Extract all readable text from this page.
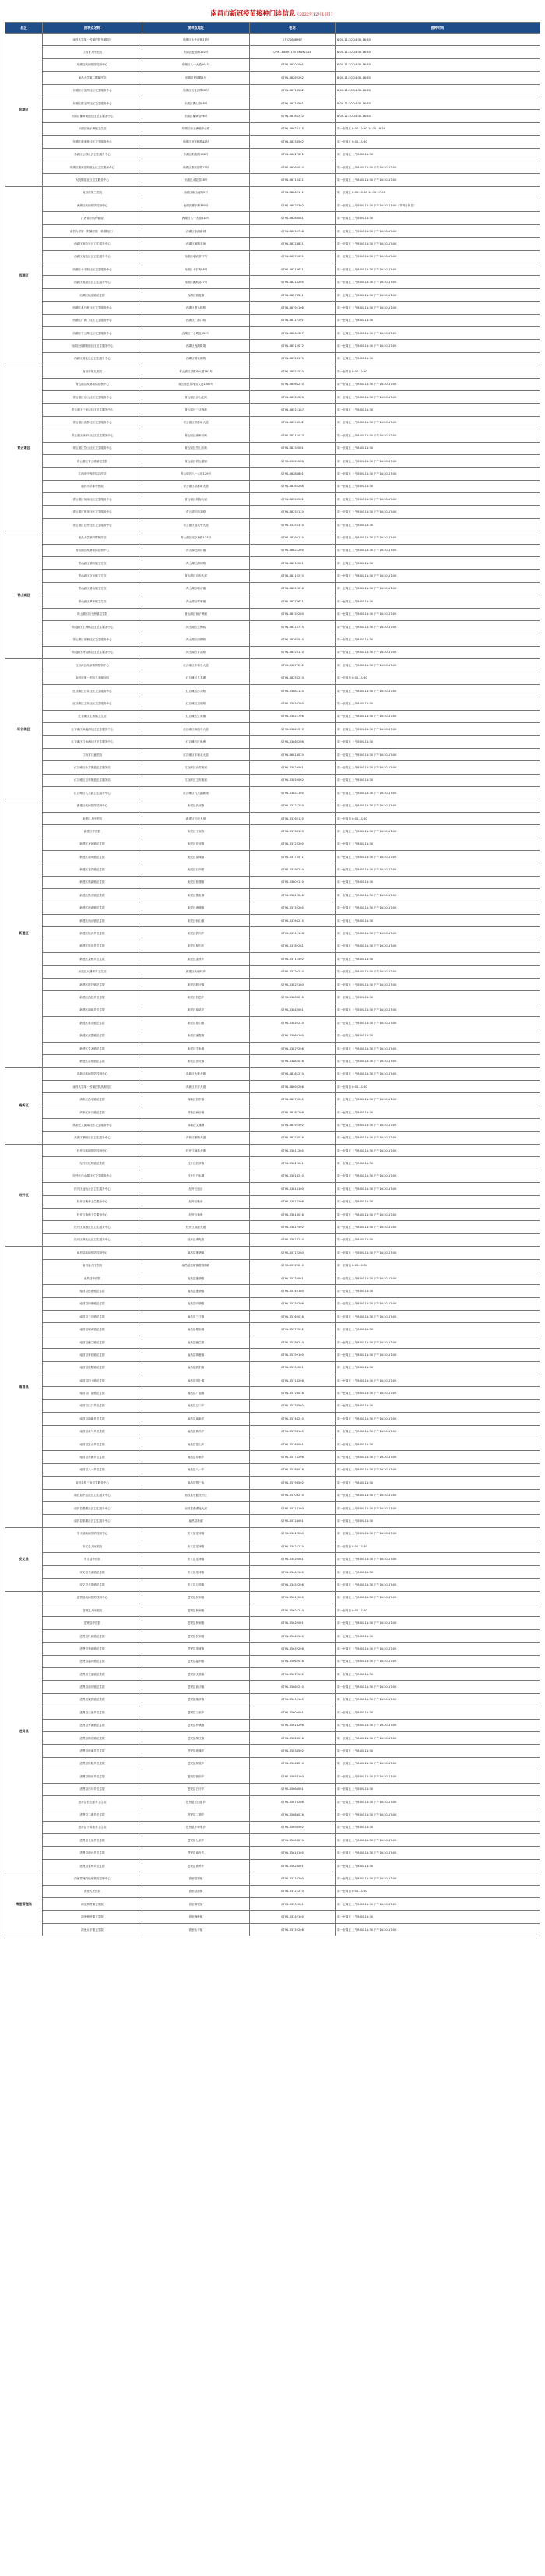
南昌市新冠疫苗接种门诊信息（2022年12月16日）
县区	接种点名称	接种点地址	电话	接种时间
东湖区	南昌大学第一附属医院东湖院区	东湖区永外正街17号	17370868967	8:00-11:30 14:30-16:30
	江西省人民医院	东湖区爱国路152号	0791-86897135 86892115	8:00-11:30 14:30-16:30
	东湖区疾病预防控制中心	东湖区八一大道201号	0791-86201001	8:00-11:30 14:30-16:30
	南昌大学第二附属医院	东湖区民德路1号	0791-86262262	8:00-11:30 14:30-16:30
	东湖区百花洲社区卫生服务中心	东湖区百花洲路28号	0791-86713582	8:00-11:30 14:30-16:30
	东湖区滕王阁社区卫生服务中心	东湖区叠山路88号	0791-86712561	8:00-11:30 14:30-16:30
	东湖区豫章街道社区卫生服务中心	东湖区豫章路96号	0791-86780232	8:00-11:30 14:30-16:30
	东湖区扬子洲镇卫生院	东湖区扬子洲镇中心路	0791-86622115	周一至周五 8:00-11:30 14:30-16:30
	东湖区彭家桥社区卫生服务中心	东湖区彭家桥路42号	0791-88253562	周一至周五 8:00-11:30
	东湖区公园社区卫生服务中心	东湖区阳明路136号	0791-86827622	周一至周五 上午8:00-11:30
	东湖区董家窑街道社区卫生服务中心	东湖区董家窑路12号	0791-86262010	周一至周五 上午8:00-11:30 下午14:30-17:00
	大院街道社区卫生服务中心	东湖区大院路58号	0791-86715421	周一至周五 上午8:00-11:30 下午14:30-17:00
西湖区	南昌市第三医院	西湖区象山南路2号	0791-88862111	周一至周五 8:00-11:30 14:30-17:00
	西湖区疾病预防控制中心	西湖区孺子路380号	0791-86520302	周一至周五 上午8:00-11:30 下午14:30-17:00（节假日休息）
	江西省妇幼保健院	西湖区八一大道318号	0791-86266081	周一至周五 上午8:00-11:30
	南昌大学第一附属医院（象湖院区）	西湖区象湖新城	0791-88692748	周一至周五 上午8:00-11:30 下午14:30-17:00
	西湖区朝农社区卫生服务中心	西湖区朝阳农场	0791-88328851	周一至周五 上午8:00-11:30 下午14:30-17:00
	西湖区南站社区卫生服务中心	西湖区南站路77号	0791-86271022	周一至周五 上午8:00-11:30 下午14:30-17:00
	西湖区十字街社区卫生服务中心	西湖区十字街88号	0791-86213621	周一至周五 上午8:00-11:30 下午14:30-17:00
	西湖区桃源社区卫生服务中心	西湖区桃源路27号	0791-88210265	周一至周五 上午8:00-11:30 下午14:30-17:00
	西湖区桃花镇卫生院	西湖区桃花镇	0791-88276301	周一至周五 上午8:00-11:30 下午14:30-17:00
	西湖区系马桩社区卫生服务中心	西湖区系马桩路	0791-86791106	周一至周五 上午8:00-11:30 下午14:30-17:00
	西湖区广润门社区卫生服务中心	西湖区广润门路	0791-86717201	周一至周五 上午8:00-11:30
	西湖区丁公路社区卫生服务中心	西湖区丁公路北123号	0791-86261527	周一至周五 上午8:00-11:30 下午14:30-17:00
	西湖区西湖街道社区卫生服务中心	西湖区西湖街道	0791-86512072	周一至周五 上午8:00-11:30 下午14:30-17:00
	西湖区桃花社区卫生服务中心	西湖区桃花南路	0791-88328170	周一至周五 上午8:00-11:30
青云谱区	南昌市第九医院	青云谱区洪都中大道167号	0791-88521520	周一至周日 8:00-11:30
	青云谱区疾病预防控制中心	青云谱区井冈山大道1000号	0791-86568210	周一至周五 上午8:00-11:30 下午14:30-17:00
	青云谱区京山社区卫生服务中心	青云谱区京山北路	0791-88321526	周一至周五 上午8:00-11:30 下午14:30-17:00
	青云谱区三家店社区卫生服务中心	青云谱区三店西路	0791-86521187	周一至周五 上午8:00-11:30
	青云谱区洪都社区卫生服务中心	青云谱区洪都南大道	0791-88150262	周一至周五 上午8:00-11:30 下午14:30-17:00
	青云谱区徐家坊社区卫生服务中心	青云谱区徐家坊路	0791-88211073	周一至周五 上午8:00-11:30 下午14:30-17:00
	青云谱区岱山社区卫生服务中心	青云谱区岱山东路	0791-88132061	周一至周五 上午8:00-11:30
	青云谱区青云谱镇卫生院	青云谱区青云谱镇	0791-85221006	周一至周五 上午8:00-11:30 下午14:30-17:00
	江西省中西医结合医院	青云谱区八一大道129号	0791-86280801	周一至周五 上午8:00-11:30 下午14:30-17:00
	南昌市洪都中医院	青云谱区洪都南大道	0791-88160268	周一至周五 上午8:00-11:30
	青云谱区城南社区卫生服务中心	青云谱区城南大道	0791-88220502	周一至周五 上午8:00-11:30 下午14:30-17:00
	青云谱区施尧社区卫生服务中心	青云谱区施尧路	0791-88252110	周一至周五 上午8:00-11:30 下午14:30-17:00
	青云谱区江铃社区卫生服务中心	青云谱区迎宾中大道	0791-85250310	周一至周五 上午8:00-11:30
青山湖区	南昌大学第四附属医院	青山湖区南京西路133号	0791-88162110	周一至周日 上午8:00-11:30 下午14:30-17:00
	青山湖区疾病预防控制中心	青山湖区湖坊镇	0791-86821260	周一至周五 上午8:00-11:30 下午14:30-17:00
	青山湖区湖坊镇卫生院	青山湖区湖坊路	0791-88132061	周一至周五 上午8:00-11:30
	青山湖区京东镇卫生院	青山湖区京东大道	0791-88110270	周一至周五 上午8:00-11:30 下午14:30-17:00
	青山湖区塘山镇卫生院	青山湖区塘山镇	0791-88352016	周一至周五 上午8:00-11:30 下午14:30-17:00
	青山湖区罗家镇卫生院	青山湖区罗家镇	0791-86270621	周一至周五 上午8:00-11:30
	青山湖区扬子洲镇卫生院	青山湖区扬子洲镇	0791-88152280	周一至周五 上午8:00-11:30 下午14:30-17:00
	青山湖区上海路社区卫生服务中心	青山湖区上海路	0791-86210715	周一至周五 上午8:00-11:30 下午14:30-17:00
	青山湖区南钢社区卫生服务中心	青山湖区南钢路	0791-88262510	周一至周五 上午8:00-11:30
	青山湖区青山路社区卫生服务中心	青山湖区青山路	0791-88320110	周一至周五 上午8:00-11:30 下午14:30-17:00
红谷滩区	红谷滩区疾病预防控制中心	红谷滩区丰和中大道	0791-83872232	周一至周五 上午8:00-11:30 下午14:30-17:00
	南昌市第一医院九龙湖分院	红谷滩区九龙湖	0791-88255210	周一至周日 8:00-11:30
	红谷滩区沙井社区卫生服务中心	红谷滩区沙井路	0791-83881120	周一至周五 上午8:00-11:30 下午14:30-17:00
	红谷滩区卫东社区卫生服务中心	红谷滩区卫东路	0791-83852260	周一至周五 上午8:00-11:30
	红谷滩区生米镇卫生院	红谷滩区生米镇	0791-83821706	周一至周五 上午8:00-11:30 下午14:30-17:00
	红谷滩区凤凰洲社区卫生服务中心	红谷滩区凤凰中大道	0791-83821570	周一至周五 上午8:00-11:30 下午14:30-17:00
	红谷滩区红角洲社区卫生服务中心	红谷滩区红角洲	0791-83862206	周一至周五 上午8:00-11:30
	江西省儿童医院	红谷滩区丰和北大道	0791-86813020	周一至周五 上午8:00-11:30 下午14:30-17:00
	红谷滩区沙井街道卫生服务站	红谷滩区沙井街道	0791-83822061	周一至周五 上午8:00-11:30 下午14:30-17:00
	红谷滩区卫东街道卫生服务站	红谷滩区卫东街道	0791-83852062	周一至周五 上午8:00-11:30
	红谷滩区九龙湖卫生服务中心	红谷滩区九龙湖新城	0791-83821160	周一至周五 上午8:00-11:30 下午14:30-17:00
新建区	新建区疾病预防控制中心	新建区长堎镇	0791-83721250	周一至周五 上午8:00-11:30 下午14:30-17:00
	新建区人民医院	新建区长堎大道	0791-83762120	周一至周日 8:00-11:30
	新建区中医院	新建区子实路	0791-83730125	周一至周五 上午8:00-11:30 下午14:30-17:00
	新建区长堎镇卫生院	新建区长堎镇	0791-83720260	周一至周五 上午8:00-11:30
	新建区望城镇卫生院	新建区望城镇	0791-83770511	周一至周五 上午8:00-11:30 下午14:30-17:00
	新建区石岗镇卫生院	新建区石岗镇	0791-83792210	周一至周五 上午8:00-11:30 下午14:30-17:00
	新建区松湖镇卫生院	新建区松湖镇	0791-83802110	周一至周五 上午8:00-11:30
	新建区樵舍镇卫生院	新建区樵舍镇	0791-83812206	周一至周五 上午8:00-11:30 下午14:30-17:00
	新建区流湖镇卫生院	新建区流湖镇	0791-83752260	周一至周五 上午8:00-11:30 下午14:30-17:00
	新建区西山镇卫生院	新建区西山镇	0791-83760215	周一至周五 上午8:00-11:30
	新建区铁河乡卫生院	新建区铁河乡	0791-83742106	周一至周五 上午8:00-11:30 下午14:30-17:00
	新建区厚田乡卫生院	新建区厚田乡	0791-83782261	周一至周五 上午8:00-11:30 下午14:30-17:00
	新建区金桥乡卫生院	新建区金桥乡	0791-83711502	周一至周五 上午8:00-11:30
	新建区大塘坪乡卫生院	新建区大塘坪乡	0791-83732210	周一至周五 上午8:00-11:30 下午14:30-17:00
	新建区联圩镇卫生院	新建区联圩镇	0791-83822160	周一至周五 上午8:00-11:30 下午14:30-17:00
	新建区昌邑乡卫生院	新建区昌邑乡	0791-83830216	周一至周五 上午8:00-11:30
	新建区南矶乡卫生院	新建区南矶乡	0791-83842061	周一至周五 上午8:00-11:30 下午14:30-17:00
	新建区象山镇卫生院	新建区象山镇	0791-83852210	周一至周五 上午8:00-11:30 下午14:30-17:00
	新建区溪霞镇卫生院	新建区溪霞镇	0791-83862160	周一至周五 上午8:00-11:30
	新建区生米镇卫生院	新建区生米镇	0791-83872206	周一至周五 上午8:00-11:30 下午14:30-17:00
	新建区乐化镇卫生院	新建区乐化镇	0791-83882016	周一至周五 上午8:00-11:30 下午14:30-17:00
高新区	高新区疾病预防控制中心	高新区火炬大街	0791-88161210	周一至周五 上午8:00-11:30 下午14:30-17:00
	南昌大学第一附属医院高新院区	高新区天祥大道	0791-88692266	周一至周日 8:00-11:30
	高新区昌东镇卫生院	高新区昌东镇	0791-88171260	周一至周五 上午8:00-11:30 下午14:30-17:00
	高新区麻丘镇卫生院	高新区麻丘镇	0791-88181206	周一至周五 上午8:00-11:30
	高新区艾溪湖社区卫生服务中心	高新区艾溪湖	0791-88191502	周一至周五 上午8:00-11:30 下午14:30-17:00
	高新区紫阳社区卫生服务中心	高新区紫阳大道	0791-88172016	周一至周五 上午8:00-11:30 下午14:30-17:00
经开区	经开区疾病预防控制中心	经开区枫林大街	0791-83811260	周一至周五 上午8:00-11:30 下午14:30-17:00
	经开区蛟桥镇卫生院	经开区蛟桥镇	0791-83812061	周一至周五 上午8:00-11:30
	经开区白水湖社区卫生服务中心	经开区白水湖	0791-83813210	周一至周五 上午8:00-11:30 下午14:30-17:00
	经开区冠山社区卫生服务中心	经开区冠山	0791-83814160	周一至周五 上午8:00-11:30 下午14:30-17:00
	经开区樵舍卫生服务中心	经开区樵舍	0791-83815206	周一至周五 上午8:00-11:30
	经开区桑海卫生服务中心	经开区桑海	0791-83816016	周一至周五 上午8:00-11:30 下午14:30-17:00
	经开区双港社区卫生服务中心	经开区双港大道	0791-83817502	周一至周五 上午8:00-11:30 下午14:30-17:00
	经开区秀先社区卫生服务中心	经开区秀先路	0791-83818210	周一至周五 上午8:00-11:30
南昌县	南昌县疾病预防控制中心	南昌县莲塘镇	0791-85712260	周一至周五 上午8:00-11:30 下午14:30-17:00
	南昌县人民医院	南昌县莲塘镇澄碧湖路	0791-85721210	周一至周日 8:00-11:30
	南昌县中医院	南昌县莲塘镇	0791-85732061	周一至周五 上午8:00-11:30 下午14:30-17:00
	南昌县莲塘镇卫生院	南昌县莲塘镇	0791-85742160	周一至周五 上午8:00-11:30
	南昌县向塘镇卫生院	南昌县向塘镇	0791-85752206	周一至周五 上午8:00-11:30 下午14:30-17:00
	南昌县三江镇卫生院	南昌县三江镇	0791-85762016	周一至周五 上午8:00-11:30 下午14:30-17:00
	南昌县塘南镇卫生院	南昌县塘南镇	0791-85772502	周一至周五 上午8:00-11:30
	南昌县幽兰镇卫生院	南昌县幽兰镇	0791-85782210	周一至周五 上午8:00-11:30 下午14:30-17:00
	南昌县蒋巷镇卫生院	南昌县蒋巷镇	0791-85792160	周一至周五 上午8:00-11:30 下午14:30-17:00
	南昌县武阳镇卫生院	南昌县武阳镇	0791-85702061	周一至周五 上午8:00-11:30
	南昌县冈上镇卫生院	南昌县冈上镇	0791-85713206	周一至周五 上午8:00-11:30 下午14:30-17:00
	南昌县广福镇卫生院	南昌县广福镇	0791-85723016	周一至周五 上午8:00-11:30 下午14:30-17:00
	南昌县泾口乡卫生院	南昌县泾口乡	0791-85733502	周一至周五 上午8:00-11:30
	南昌县南新乡卫生院	南昌县南新乡	0791-85743210	周一至周五 上午8:00-11:30 下午14:30-17:00
	南昌县黄马乡卫生院	南昌县黄马乡	0791-85753160	周一至周五 上午8:00-11:30 下午14:30-17:00
	南昌县富山乡卫生院	南昌县富山乡	0791-85763061	周一至周五 上午8:00-11:30
	南昌县东新乡卫生院	南昌县东新乡	0791-85773206	周一至周五 上午8:00-11:30 下午14:30-17:00
	南昌县八一乡卫生院	南昌县八一乡	0791-85783016	周一至周五 上午8:00-11:30 下午14:30-17:00
	南昌县银三角卫生服务中心	南昌县银三角	0791-85793502	周一至周五 上午8:00-11:30
	南昌县小蓝社区卫生服务中心	南昌县小蓝经开区	0791-85703210	周一至周五 上午8:00-11:30 下午14:30-17:00
	南昌县澄湖社区卫生服务中心	南昌县澄湖北大道	0791-85714160	周一至周五 上午8:00-11:30 下午14:30-17:00
	南昌县象湖社区卫生服务中心	南昌县象湖	0791-85724061	周一至周五 上午8:00-11:30
安义县	安义县疾病预防控制中心	安义县龙津镇	0791-83412260	周一至周五 上午8:00-11:30 下午14:30-17:00
	安义县人民医院	安义县龙津镇	0791-83421210	周一至周日 8:00-11:30
	安义县中医院	安义县龙津镇	0791-83432061	周一至周五 上午8:00-11:30 下午14:30-17:00
	安义县龙津镇卫生院	安义县龙津镇	0791-83442160	周一至周五 上午8:00-11:30
	安义县万埠镇卫生院	安义县万埠镇	0791-83452206	周一至周五 上午8:00-11:30 下午14:30-17:00
进贤县	进贤县疾病预防控制中心	进贤县民和镇	0791-85612260	周一至周五 上午8:00-11:30 下午14:30-17:00
	进贤县人民医院	进贤县民和镇	0791-85621210	周一至周日 8:00-11:30
	进贤县中医院	进贤县民和镇	0791-85632061	周一至周五 上午8:00-11:30 下午14:30-17:00
	进贤县民和镇卫生院	进贤县民和镇	0791-85642160	周一至周五 上午8:00-11:30
	进贤县李渡镇卫生院	进贤县李渡镇	0791-85652206	周一至周五 上午8:00-11:30 下午14:30-17:00
	进贤县温圳镇卫生院	进贤县温圳镇	0791-85662016	周一至周五 上午8:00-11:30 下午14:30-17:00
	进贤县文港镇卫生院	进贤县文港镇	0791-85672502	周一至周五 上午8:00-11:30
	进贤县前坊镇卫生院	进贤县前坊镇	0791-85682210	周一至周五 上午8:00-11:30 下午14:30-17:00
	进贤县架桥镇卫生院	进贤县架桥镇	0791-85692160	周一至周五 上午8:00-11:30 下午14:30-17:00
	进贤县三里乡卫生院	进贤县三里乡	0791-85602061	周一至周五 上午8:00-11:30
	进贤县罗溪镇卫生院	进贤县罗溪镇	0791-85613206	周一至周五 上午8:00-11:30 下午14:30-17:00
	进贤县梅庄镇卫生院	进贤县梅庄镇	0791-85623016	周一至周五 上午8:00-11:30 下午14:30-17:00
	进贤县池溪乡卫生院	进贤县池溪乡	0791-85633502	周一至周五 上午8:00-11:30
	进贤县钟陵乡卫生院	进贤县钟陵乡	0791-85643210	周一至周五 上午8:00-11:30 下午14:30-17:00
	进贤县衙前乡卫生院	进贤县衙前乡	0791-85653160	周一至周五 上午8:00-11:30 下午14:30-17:00
	进贤县白圩乡卫生院	进贤县白圩乡	0791-85663061	周一至周五 上午8:00-11:30
	进贤县长山晏乡卫生院	进贤县长山晏乡	0791-85673206	周一至周五 上午8:00-11:30 下午14:30-17:00
	进贤县二塘乡卫生院	进贤县二塘乡	0791-85683016	周一至周五 上午8:00-11:30 下午14:30-17:00
	进贤县下埠集乡卫生院	进贤县下埠集乡	0791-85693502	周一至周五 上午8:00-11:30
	进贤县七里乡卫生院	进贤县七里乡	0791-85603210	周一至周五 上午8:00-11:30 下午14:30-17:00
	进贤县南台乡卫生院	进贤县南台乡	0791-85614160	周一至周五 上午8:00-11:30 下午14:30-17:00
	进贤县泉岭乡卫生院	进贤县泉岭乡	0791-85624061	周一至周五 上午8:00-11:30
湾里管理局	湾里管理局疾病预防控制中心	湾里招贤镇	0791-83712260	周一至周五 上午8:00-11:30 下午14:30-17:00
	湾里人民医院	湾里站前街	0791-83721210	周一至周日 8:00-11:30
	湾里招贤镇卫生院	湾里招贤镇	0791-83732061	周一至周五 上午8:00-11:30 下午14:30-17:00
	湾里梅岭镇卫生院	湾里梅岭镇	0791-83742160	周一至周五 上午8:00-11:30
	湾里太平镇卫生院	湾里太平镇	0791-83752206	周一至周五 上午8:00-11:30 下午14:30-17:00
